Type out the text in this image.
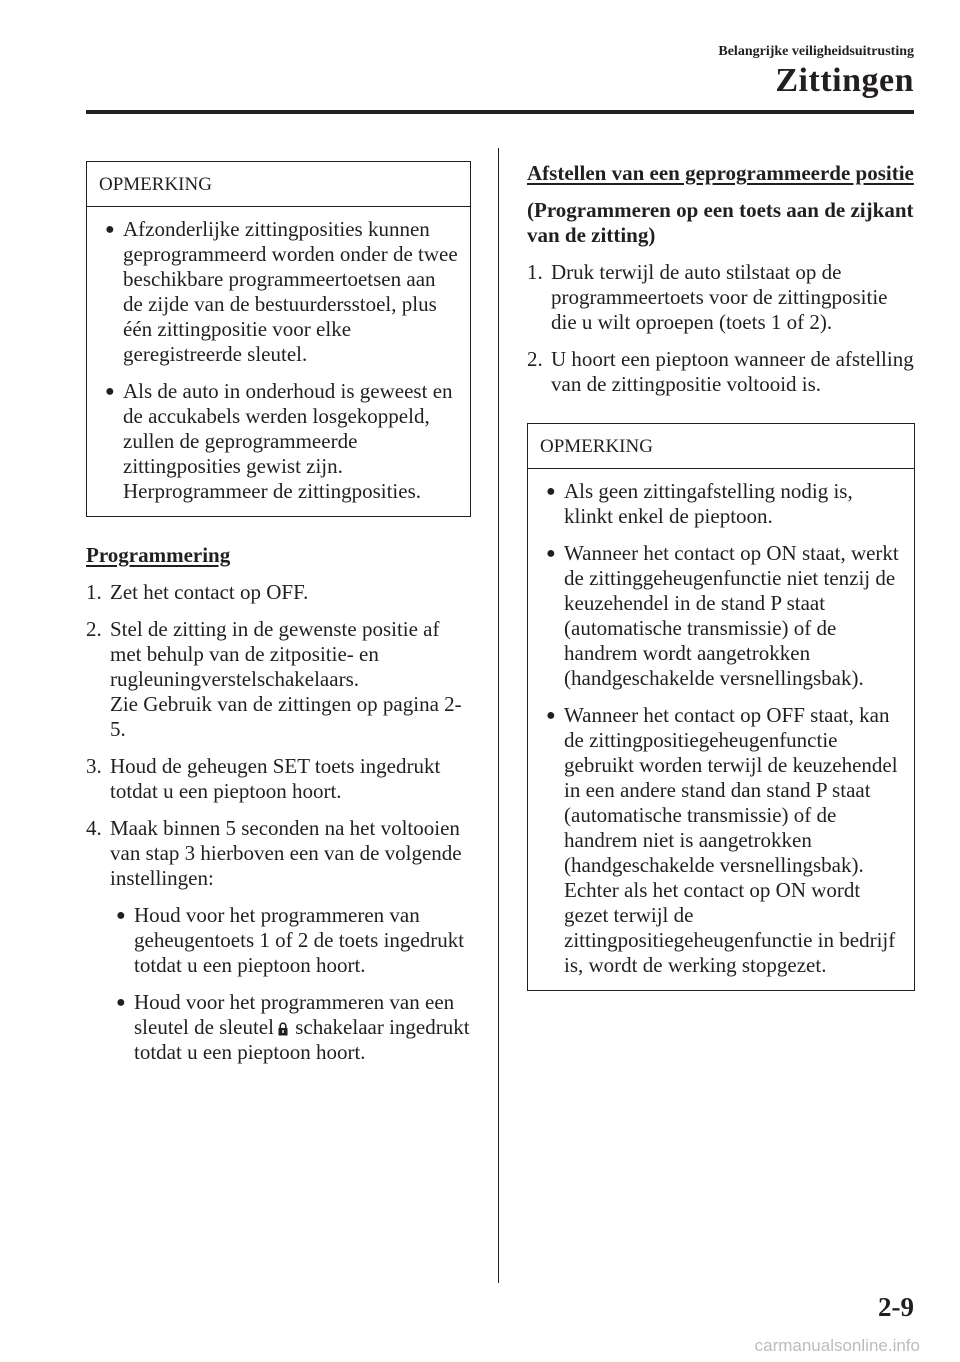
Belangrijke veiligheidsuitrusting
Zittingen
OPMERKING
● Afzonderlijke zittingposities kunnen geprogrammeerd worden onder de twee beschikbare programmeertoetsen aan de zijde van de bestuurdersstoel, plus één zittingpositie voor elke geregistreerde sleutel.
● Als de auto in onderhoud is geweest en de accukabels werden losgekoppeld, zullen de geprogrammeerde zittingposities gewist zijn. Herprogrammeer de zittingposities.
Programmering
1. Zet het contact op OFF.
2. Stel de zitting in de gewenste positie af met behulp van de zitpositie- en rugleuningverstelschakelaars.
Zie Gebruik van de zittingen op pagina 2-5.
3. Houd de geheugen SET toets ingedrukt totdat u een pieptoon hoort.
4. Maak binnen 5 seconden na het voltooien van stap 3 hierboven een van de volgende instellingen:
● Houd voor het programmeren van geheugentoets 1 of 2 de toets ingedrukt totdat u een pieptoon hoort.
● Houd voor het programmeren van een sleutel de sleutel schakelaar ingedrukt totdat u een pieptoon hoort.
Afstellen van een geprogrammeerde positie
(Programmeren op een toets aan de zijkant van de zitting)
1. Druk terwijl de auto stilstaat op de programmeertoets voor de zittingpositie die u wilt oproepen (toets 1 of 2).
2. U hoort een pieptoon wanneer de afstelling van de zittingpositie voltooid is.
OPMERKING
● Als geen zittingafstelling nodig is, klinkt enkel de pieptoon.
● Wanneer het contact op ON staat, werkt de zittinggeheugenfunctie niet tenzij de keuzehendel in de stand P staat (automatische transmissie) of de handrem wordt aangetrokken (handgeschakelde versnellingsbak).
● Wanneer het contact op OFF staat, kan de zittingpositiegeheugenfunctie gebruikt worden terwijl de keuzehendel in een andere stand dan stand P staat (automatische transmissie) of de handrem niet is aangetrokken (handgeschakelde versnellingsbak). Echter als het contact op ON wordt gezet terwijl de zittingpositiegeheugenfunctie in bedrijf is, wordt de werking stopgezet.
2-9
carmanualsonline.info
